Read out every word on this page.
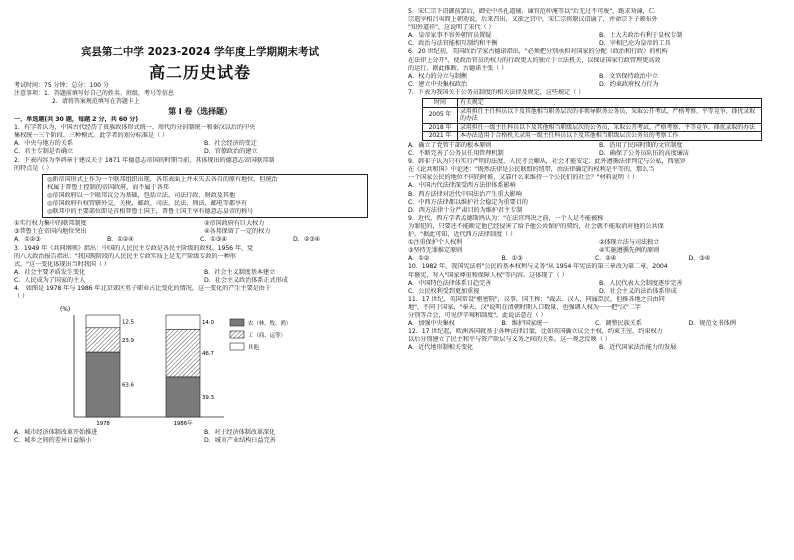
宾县第二中学 2023-2024 学年度上学期期末考试
高二历史试卷
考试时间：75 分钟；总分：100 分
注意事项：1．答题前填写好自己的姓名、班级、考号等信息
2．请将答案规范填写在答题卡上
第 I 卷（选择题）
一、单选题(共 30 题，每题 2 分，共 60 分)
1．有学者认为，中国古代经历了贵族政体形式统一、周代的分封制统一和秦汉以后的中央
集权统一三个阶段、三种模式。此学者的划分标准是（ ）
A．中央与地方的关系	B．社会经济的变迁
C．君主专制是否确立	D．官僚政治的建立
2．下表内容为李鸿章于建议关于 1871 年德意志帝国的时期当前，其体现出的德意志帝国联邦制
的特点是（ ）
◎新帝国形式上作为一个联邦组织出现，各邦表面上并未失去各自的原有地位，但统治
权属于普鲁士控制的帝国政府，而不属于各邦
◎帝国政府以一个联邦议会为基础，包括立法、司法行政、财政及其他
◎帝国政府有权管辖外交、关税、邮政、司法、民法、刑法、邮电等都享有
◎联邦中的主要部位即是首相普鲁士国王，普鲁士国王享有德意志皇帝的称号
①实行权力集中的联邦制度	②帝国政府有巨大权力
③普鲁士在帝国内地位突出	④各邦保留了一定的权力
A．①②③	B．①②④	C．①③④	D．②③④
3．1949 年《共同纲领》指出：中国的人民民主专政是各民主阶级的政权。1956 年，党
的八大政治报告指出："我国现阶段的人民民主专政实质上是无产阶级专政的一种形
式。"这一变化体现出当时我国（ ）
A．社会主要矛盾发生变化	B．社会主义制度基本建立
C．人民成为了国家的主人	D．社会主义政治体系正式形成
4． 如图是 1978 年与 1986 年北京郊区男子职业占比变化的情况。这一变化的产生主要是由于
（ ）
(%)
63.6
23.9
12.5
1978
39.3
46.7
14.0
1986年
农（林、牧、渔）
工（商、运等）
其他
A．城市经济体制改革开始推进	B．对于经济体制改革深化
C．城乡之间的差异日益缩小	D．城市产业结构日益完善
5．宋仁宗下诏御前罢后，御史中丞孔道辅、谏官范仲淹等以"后无过不可废"，跪求劝谏，仁
宗遣宰相吕夷简上朝劝说，后来召出，又欲之宫中，宋仁宗将原议诏谕了，并命宗下子颁布外
"知外道祥"，这说明了宋代（ ）
A．皇帝家事不容外朝官员置疑	B．士大夫政治有利于皇权专制
C．政治与法官能相互制约和平衡	D．宰相已沦为皇帝的工具
6．20 世纪初，美国政治学家古德诺指出，"必须把分別承担对国家的分配（政治和行政）的机构
在法律上分开"，使政治官员的权力的行政更大的独立于立法机关，以保证国家行政管理更高效
的运行。据此推断，古德诺主张（ ）
A．权力的分立与制衡	B．文官保持政治中立
C．建立中央集权政治	D．约束政府权力行为
7．下表为我国关于公务员制度的相关法律及规定，这些规定（ ）
时间	有关规定
2005 年	录用担任主任科员以下及其他相当职务层次的非领导职务公务员，采取公开考试、严格考察、平等竞争、择优录取的办法
2018 年	录用担任一级主任科员以下及其他相当职级层次的公务员，采取公开考试、严格考察、平等竞争、择优录取的办法
2021 年	本办法适用于合格机关录用一级主任科员以下及其他相当职级层次公务员的考察工作
A．确立了党管干部的根本原则	B．沿用了民国时期的文官制度
C．不断完善了公务员任用管理机制	D．确保了公务员队伍的高度廉洁
9．韩非子认为只有实行严明的法度，人民才会顺从，社会才能安定；此外遵循法律判定与公私，西塞罗
在《论共和国》中论述："既然法律是公民联盟的纽带，由法律确定的权利是平等的，那么当
一个国家公民的地位不同的时候，又靠什么来维持一个公民们的社会？"材料说明（ ）
A．中国古代法律深受西方法律体系影响
B．西方法律对近代中国法治产生重大影响
C．中西方法律都以维护社会稳定为重要目的
D．西方法律十分严肃目的为维护君主专制
9．近代，西方学者孟德斯鸠认为："在法官判决之前，一个人是不能被称
为罪犯的，只要还不能断定他已经侵害了给予他公共保护的契约，社会就不能取消对他的公共保
护。"据此可知，近代西方法律制度（ ）
①注重保护个人权利	②体现立法与司法独立
③坚持无罪推定原则	④实施遵循先例的原则
A．①②	B．①③	C．②④	D．③④
10．1982 年，我国宪法将"公民的基本权利与义务"从 1954 年宪法的第三章改为第二章。2004
年修宪，写入"国家尊重和保障人权"等内容。这体现了（ ）
A．中国特色法律体系日趋完善	B．人民代表大会制度逐步完善
C．公民权利受到更加重视	D．社会主义的法治体系形成
11．17 世纪，英国常设"枢密院"，议事，国王称："裁去、汉人，同属臣民，但推各地之自由同
地"，不同于国家，"奉天、汉"说明在清朝时期人口数量，也强调人权为一一把"汉"二字
分别等合会，可见伊辛辣和制度"。此说法意在（ ）
A．加强中央集权	B．维护国家统一	C．调整民族关系	D．规范文书体例
12．17 世纪起，欧洲各国就基于各种法律启蒙，比如英国确立议会主权，约束王室、约束权力
以后分别建立了民主和平与资产阶层与义务之间的关系。这一观念反映（ ）
A．近代地形制相关变化	B．近代国家法治能力的发展
